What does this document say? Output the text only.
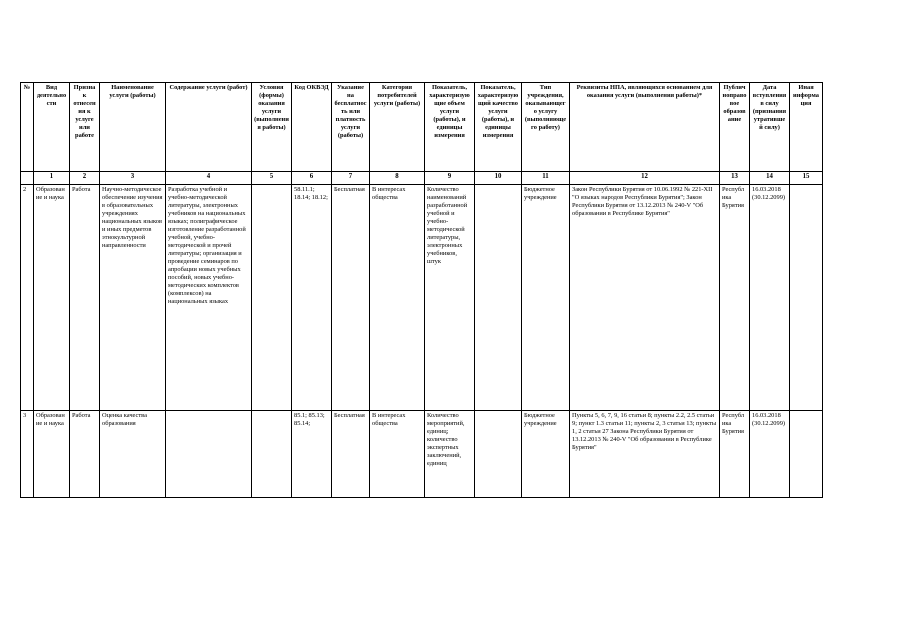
№	Вид деятельности	Признак отнесения к услуге или работе	Наименование услуги (работы)	Содержание услуги (работ)	Условия (формы) оказания услуги (выполнения работы)	Код ОКВЭД	Указание на бесплатность или платность услуги (работы)	Категория потребителей услуги (работы)	Показатель, характеризующие объем услуги (работы), и единицы измерения	Показатель, характеризующий качество услуги (работы), и единицы измерения	Тип учреждения, оказывающего услугу (выполняющего работу)	Реквизиты НПА, являющихся основанием для оказания услуги (выполнения работы)*	Публичноправовое образование	Дата вступления в силу (признания утратившей силу)	Иная информация
	1	2	3	4	5	6	7	8	9	10	11	12	13	14	15
2	Образование и наука	Работа	Научно-методическое обеспечение изучения в образовательных учреждениях национальных языков и иных предметов этнокультурной направленности	Разработка учебной и учебно-методической литературы, электронных учебников на национальных языках; полиграфическое изготовление разработанной учебной, учебно-методической и прочей литературы; организация и проведение семинаров по апробации новых учебных пособий, новых учебно-методических комплектов (комплексов) на национальных языках		58.11.1; 18.14; 18.12;	Бесплатная	В интересах общества	Количество наименований разработанной учебной и учебно-методической литературы, электронных учебников, штук		Бюджетное учреждение	Закон Республики Бурятия от 10.06.1992 № 221-XII "О языках народов Республики Бурятия"; Закон Республики Бурятия от 13.12.2013 № 240-V "Об образовании в Республике Бурятия"	Республика Бурятия	16.03.2018 (30.12.2099)	
3	Образование и наука	Работа	Оценка качества образования			85.1; 85.13; 85.14;	Бесплатная	В интересах общества	Количество мероприятий, единиц; количество экспертных заключений, единиц		Бюджетное учреждение	Пункты 5, 6, 7, 9, 16 статьи 8; пункты 2.2, 2.5 статьи 9; пункт 1.3 статьи 11; пункты 2, 3 статьи 13; пункты 1, 2 статьи 27 Закона Республики Бурятия от 13.12.2013 № 240-V "Об образовании в Республике Бурятия"	Республика Бурятия	16.03.2018 (30.12.2099)	
